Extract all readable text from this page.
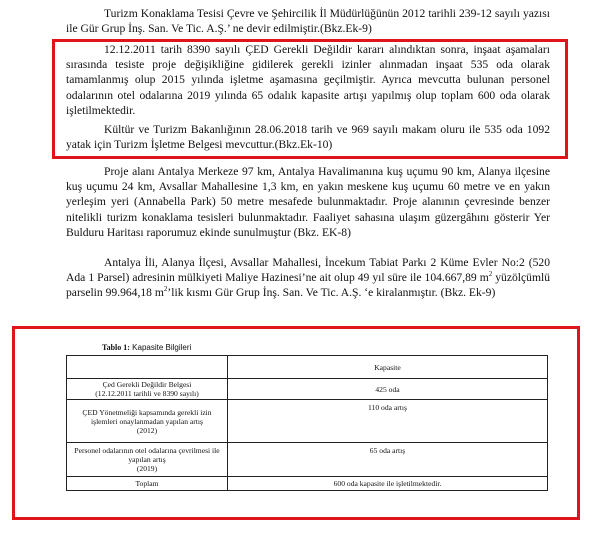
Turizm Konaklama Tesisi Çevre ve Şehircilik İl Müdürlüğünün 2012 tarihli 239-12 sayılı yazısı ile Gür Grup İnş. San. Ve Tic. A.Ş.’ ne devir edilmiştir.(Bkz.Ek-9)
12.12.2011 tarih 8390 sayılı ÇED Gerekli Değildir kararı alındıktan sonra, inşaat aşamaları sırasında tesiste proje değişikliğine gidilerek gerekli izinler alınmadan inşaat 535 oda olarak tamamlanmış olup 2015 yılında işletme aşamasına geçilmiştir. Ayrıca mevcutta bulunan personel odalarının otel odalarına 2019 yılında 65 odalık kapasite artışı yapılmış olup toplam 600 oda olarak işletilmektedir.
Kültür ve Turizm Bakanlığının 28.06.2018 tarih ve 969 sayılı makam oluru ile 535 oda 1092 yatak için Turizm İşletme Belgesi mevcuttur.(Bkz.Ek-10)
Proje alanı Antalya Merkeze 97 km, Antalya Havalimanına kuş uçumu 90 km, Alanya ilçesine kuş uçumu 24 km, Avsallar Mahallesine 1,3 km, en yakın meskene kuş uçumu 60 metre ve en yakın yerleşim yeri (Annabella Park) 50 metre mesafede bulunmaktadır. Proje alanının çevresinde benzer nitelikli turizm konaklama tesisleri bulunmaktadır. Faaliyet sahasına ulaşım güzergâhını gösterir Yer Bulduru Haritası raporumuz ekinde sunulmuştur (Bkz. EK-8)
Antalya İli, Alanya İlçesi, Avsallar Mahallesi, İncekum Tabiat Parkı 2 Küme Evler No:2 (520 Ada 1 Parsel) adresinin mülkiyeti Maliye Hazinesi’ne ait olup 49 yıl süre ile 104.667,89 $m^2$ yüzölçümlü parselin 99.964,18 $m^2’lik$ kısmı Gür Grup İnş. San. Ve Tic. A.Ş. ‘e kiralanmıştır. (Bkz. Ek-9)
Tablo 1: Kapasite Bilgileri
	Kapasite
Çed Gerekli Değildir Belgesi
(12.12.2011 tarihli ve 8390 sayılı)	425 oda
ÇED Yönetmeliği kapsamında gerekli izin işlemleri onaylanmadan yapılan artış
(2012)	110 oda artış
Personel odalarının otel odalarına çevrilmesi ile yapılan artış
(2019)	65 oda artış
Toplam	600 oda kapasite ile işletilmektedir.
